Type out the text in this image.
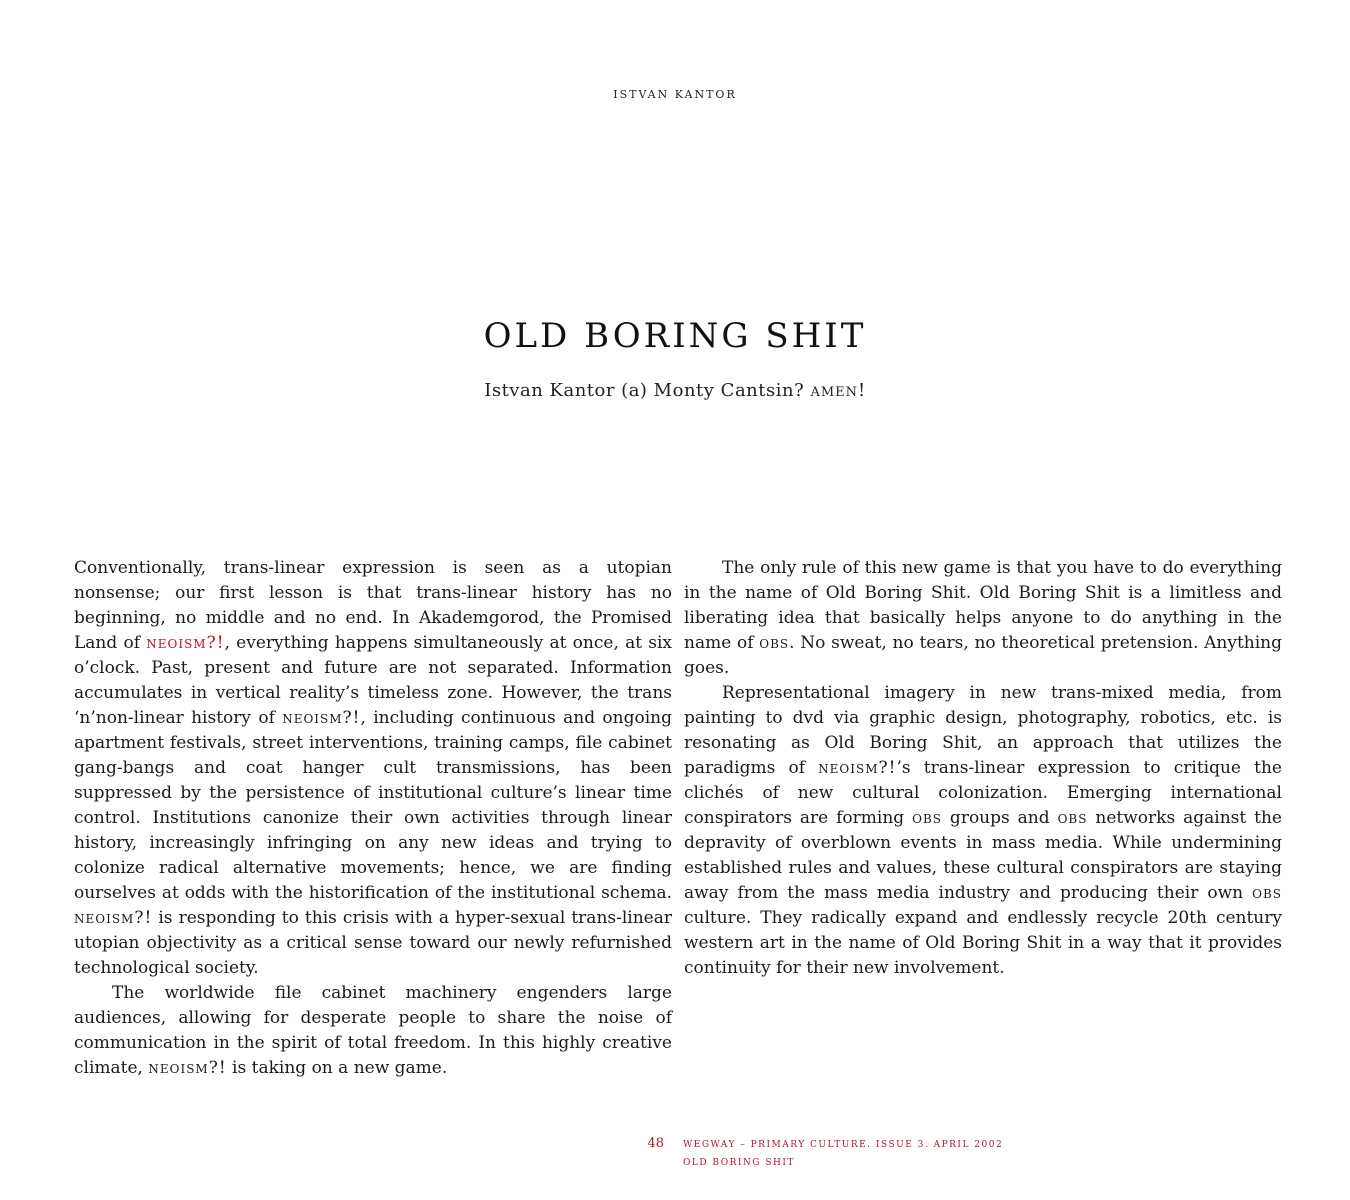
ISTVAN KANTOR
OLD BORING SHIT
Istvan Kantor (a) Monty Cantsin? amen!

Conventionally, trans-linear expression is seen as a utopian nonsense; our first lesson is that trans-linear history has no beginning, no middle and no end. In Akademgorod, the Promised Land of neoism?!, everything happens simultaneously at once, at six o’clock. Past, present and future are not separated. Information accumulates in vertical reality’s timeless zone. However, the trans ‘n’non-linear history of neoism?!, including continuous and ongoing apartment festivals, street interventions, training camps, file cabinet gang-bangs and coat hanger cult transmissions, has been suppressed by the persistence of institutional culture’s linear time control. Institutions canonize their own activities through linear history, increasingly infringing on any new ideas and trying to colonize radical alternative movements; hence, we are finding ourselves at odds with the historification of the institutional schema. neoism?! is responding to this crisis with a hyper-sexual trans-linear utopian objectivity as a critical sense toward our newly refurnished technological society.

The worldwide file cabinet machinery engenders large audiences, allowing for desperate people to share the noise of communication in the spirit of total freedom. In this highly creative climate, neoism?! is taking on a new game.

The only rule of this new game is that you have to do everything in the name of Old Boring Shit. Old Boring Shit is a limitless and liberating idea that basically helps anyone to do anything in the name of obs. No sweat, no tears, no theoretical pretension. Anything goes.

Representational imagery in new trans-mixed media, from painting to dvd via graphic design, photography, robotics, etc. is resonating as Old Boring Shit, an approach that utilizes the paradigms of neoism?!’s trans-linear expression to critique the clichés of new cultural colonization. Emerging international conspirators are forming obs groups and obs networks against the depravity of overblown events in mass media. While undermining established rules and values, these cultural conspirators are staying away from the mass media industry and producing their own obs culture. They radically expand and endlessly recycle 20th century western art in the name of Old Boring Shit in a way that it provides continuity for their new involvement.

48 WEGWAY – PRIMARY CULTURE. ISSUE 3. APRIL 2002
OLD BORING SHIT
